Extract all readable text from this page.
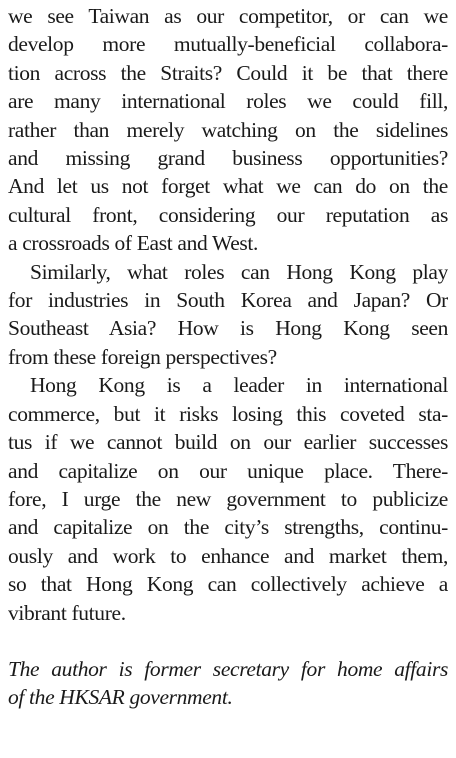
we see Taiwan as our competitor, or can we
develop more mutually-beneficial collabora-
tion across the Straits? Could it be that there
are many international roles we could fill,
rather than merely watching on the sidelines
and missing grand business opportunities?
And let us not forget what we can do on the
cultural front, considering our reputation as
a crossroads of East and West.
Similarly, what roles can Hong Kong play
for industries in South Korea and Japan? Or
Southeast Asia? How is Hong Kong seen
from these foreign perspectives?
Hong Kong is a leader in international
commerce, but it risks losing this coveted sta-
tus if we cannot build on our earlier successes
and capitalize on our unique place. There-
fore, I urge the new government to publicize
and capitalize on the city’s strengths, continu-
ously and work to enhance and market them,
so that Hong Kong can collectively achieve a
vibrant future.
The author is former secretary for home affairs
of the HKSAR government.
